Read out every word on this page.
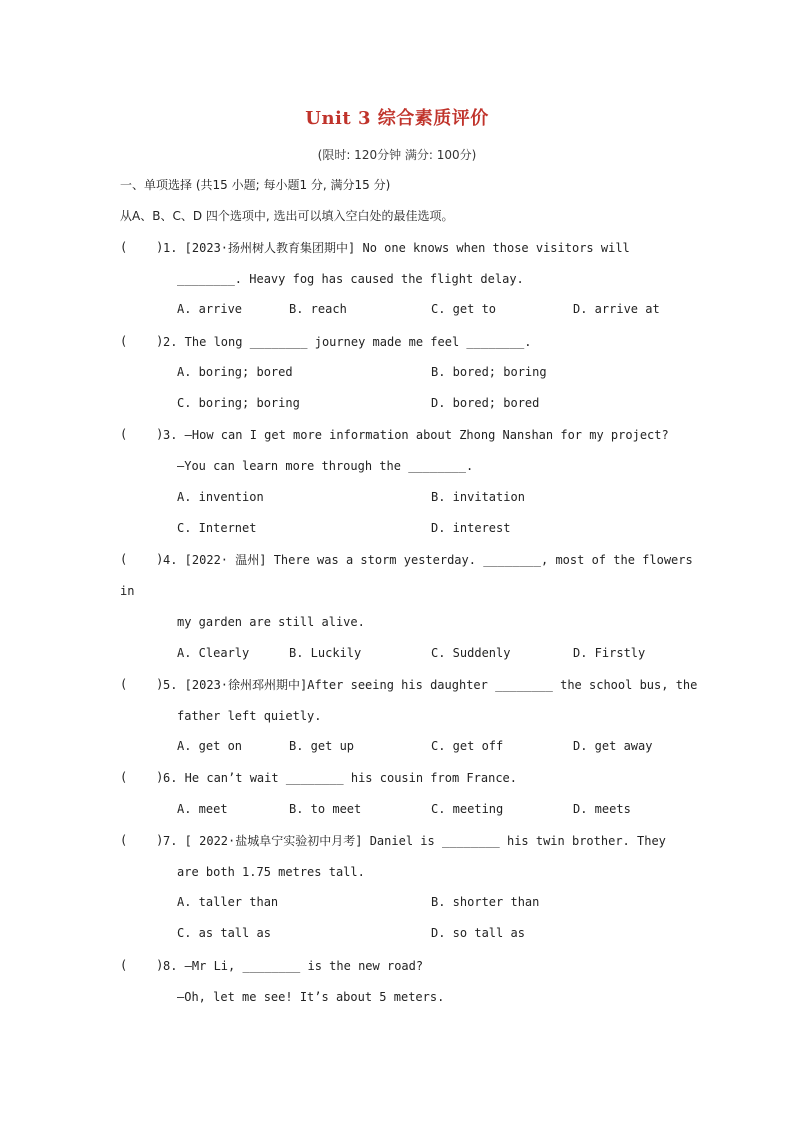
Unit 3 综合素质评价
(限时: 120分钟 满分: 100分)
一、单项选择 (共15 小题; 每小题1 分, 满分15 分)
从A、B、C、D 四个选项中, 选出可以填入空白处的最佳选项。
(    ) 1. [2023·扬州树人教育集团期中] No one knows when those visitors will
________. Heavy fog has caused the flight delay.
A. arrive	B. reach	C. get to	D. arrive at
(    ) 2. The long ________ journey made me feel ________.
A. boring; bored	B. bored; boring
C. boring; boring	D. bored; bored
(    ) 3. —How can I get more information about Zhong Nanshan for my project?
—You can learn more through the ________.
A. invention	B. invitation
C. Internet	D. interest
(    ) 4. [2022· 温州] There was a storm yesterday. ________, most of the flowers
in
my garden are still alive.
A. Clearly	B. Luckily	C. Suddenly	D. Firstly
(    ) 5. [2023·徐州邳州期中]After seeing his daughter ________ the school bus, the
father left quietly.
A. get on	B. get up	C. get off	D. get away
(    ) 6. He can’t wait ________ his cousin from France.
A. meet	B. to meet	C. meeting	D. meets
(    ) 7. [ 2022·盐城阜宁实验初中月考] Daniel is ________ his twin brother. They
are both 1.75 metres tall.
A. taller than	B. shorter than
C. as tall as	D. so tall as
(    ) 8. —Mr Li, ________ is the new road?
—Oh, let me see! It’s about 5 meters.
